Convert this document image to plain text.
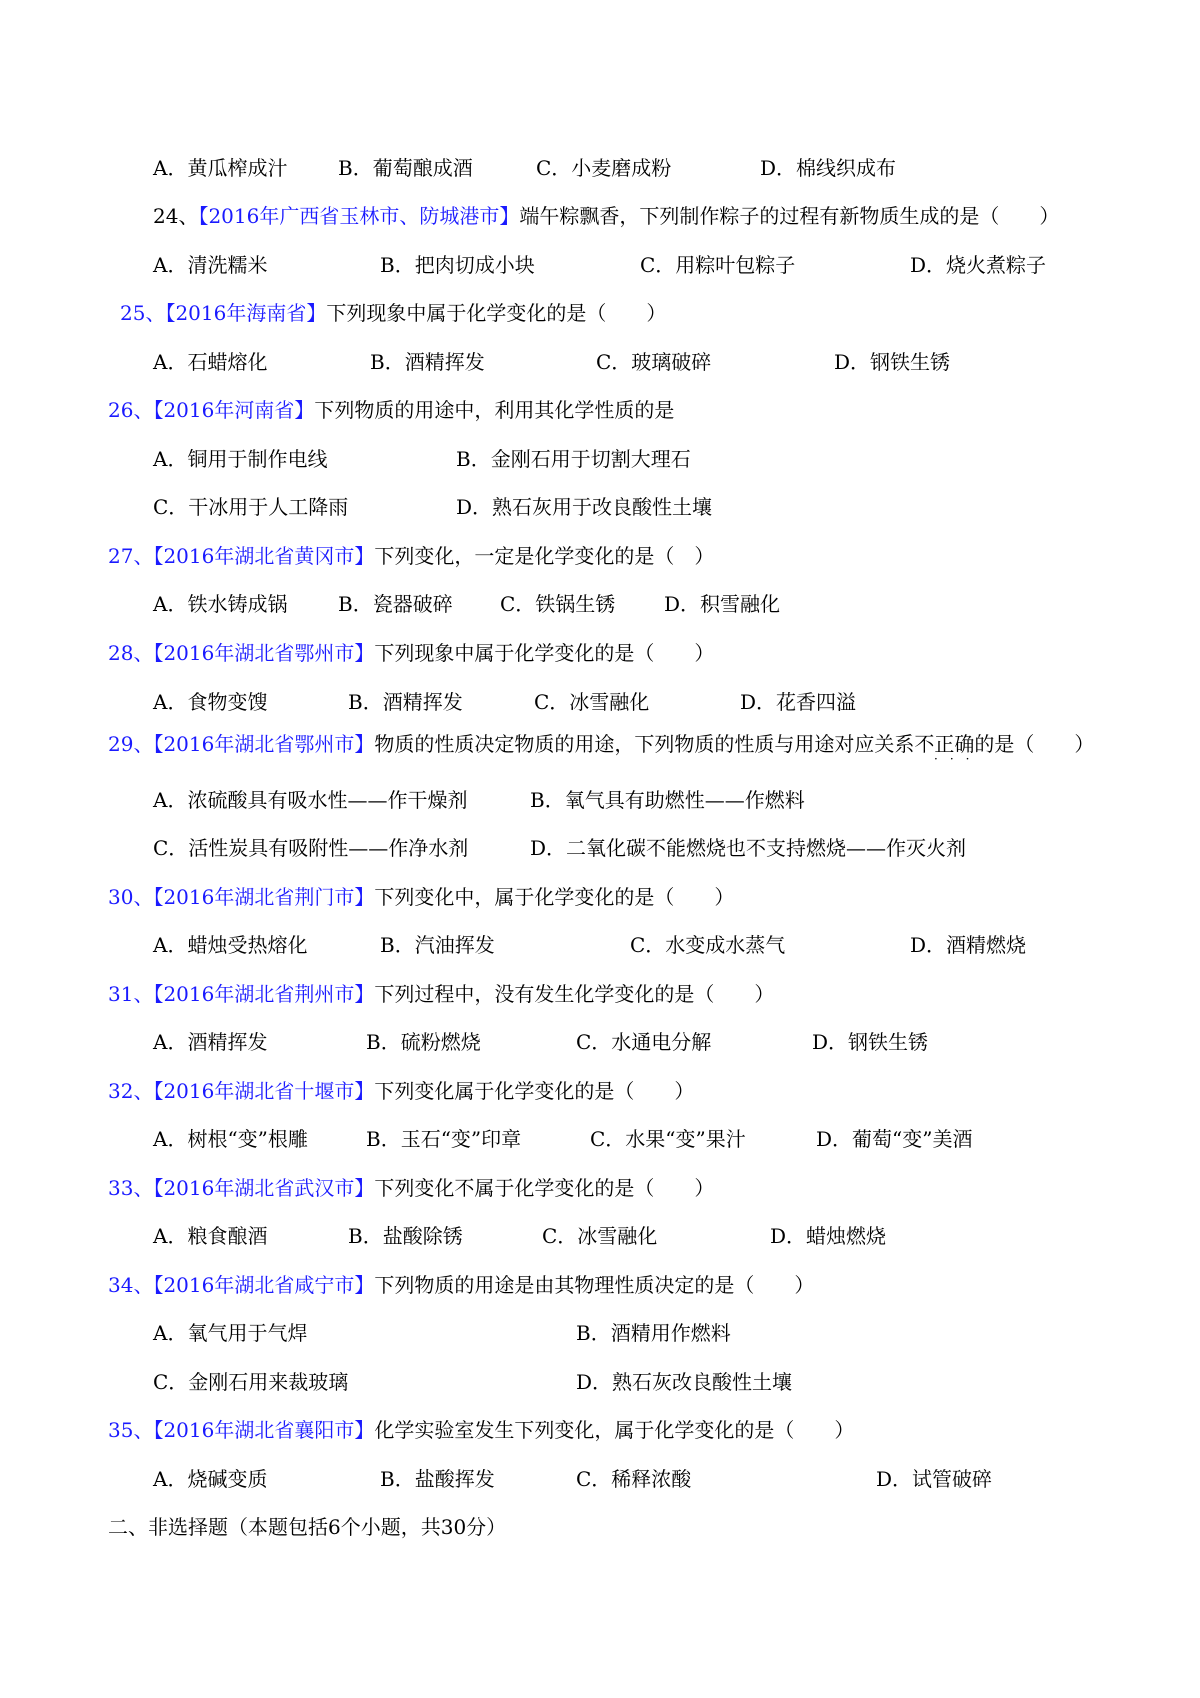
A．黄瓜榨成汁	B．葡萄酿成酒	C．小麦磨成粉	D．棉线织成布
24、【2016年广西省玉林市、防城港市】端午粽飘香，下列制作粽子的过程有新物质生成的是（　　）
A．清洗糯米	B．把肉切成小块	C．用粽叶包粽子	D．烧火煮粽子
25、【2016年海南省】下列现象中属于化学变化的是（　　）
A．石蜡熔化	B．酒精挥发	C．玻璃破碎	D．钢铁生锈
26、【2016年河南省】下列物质的用途中，利用其化学性质的是
A．铜用于制作电线	B．金刚石用于切割大理石
C．干冰用于人工降雨	D．熟石灰用于改良酸性土壤
27、【2016年湖北省黄冈市】下列变化，一定是化学变化的是（　）
A．铁水铸成锅	B．瓷器破碎 C．铁锅生锈 D．积雪融化
28、【2016年湖北省鄂州市】下列现象中属于化学变化的是（　　）
A．食物变馊	B．酒精挥发	C．冰雪融化	D．花香四溢
29、【2016年湖北省鄂州市】物质的性质决定物质的用途，下列物质的性质与用途对应关系不正确的是（　　）
···
A．浓硫酸具有吸水性——作干燥剂	B．氧气具有助燃性——作燃料
C．活性炭具有吸附性——作净水剂	D．二氧化碳不能燃烧也不支持燃烧——作灭火剂
30、【2016年湖北省荆门市】下列变化中，属于化学变化的是（　　）
A．蜡烛受热熔化	B．汽油挥发	C．水变成水蒸气	D．酒精燃烧
31、【2016年湖北省荆州市】下列过程中，没有发生化学变化的是（　　）
A．酒精挥发	B．硫粉燃烧	C．水通电分解	D．钢铁生锈
32、【2016年湖北省十堰市】下列变化属于化学变化的是（　　）
A．树根“变”根雕	B．玉石“变”印章	C．水果“变”果汁	D．葡萄“变”美酒
33、【2016年湖北省武汉市】下列变化不属于化学变化的是（　　）
A．粮食酿酒	B．盐酸除锈	C．冰雪融化	D．蜡烛燃烧
34、【2016年湖北省咸宁市】下列物质的用途是由其物理性质决定的是（　　）
A．氧气用于气焊	B．酒精用作燃料
C．金刚石用来裁玻璃	D．熟石灰改良酸性土壤
35、【2016年湖北省襄阳市】化学实验室发生下列变化，属于化学变化的是（　　）
A．烧碱变质	B．盐酸挥发	C．稀释浓酸	D．试管破碎
二、非选择题（本题包括6个小题，共30分）
